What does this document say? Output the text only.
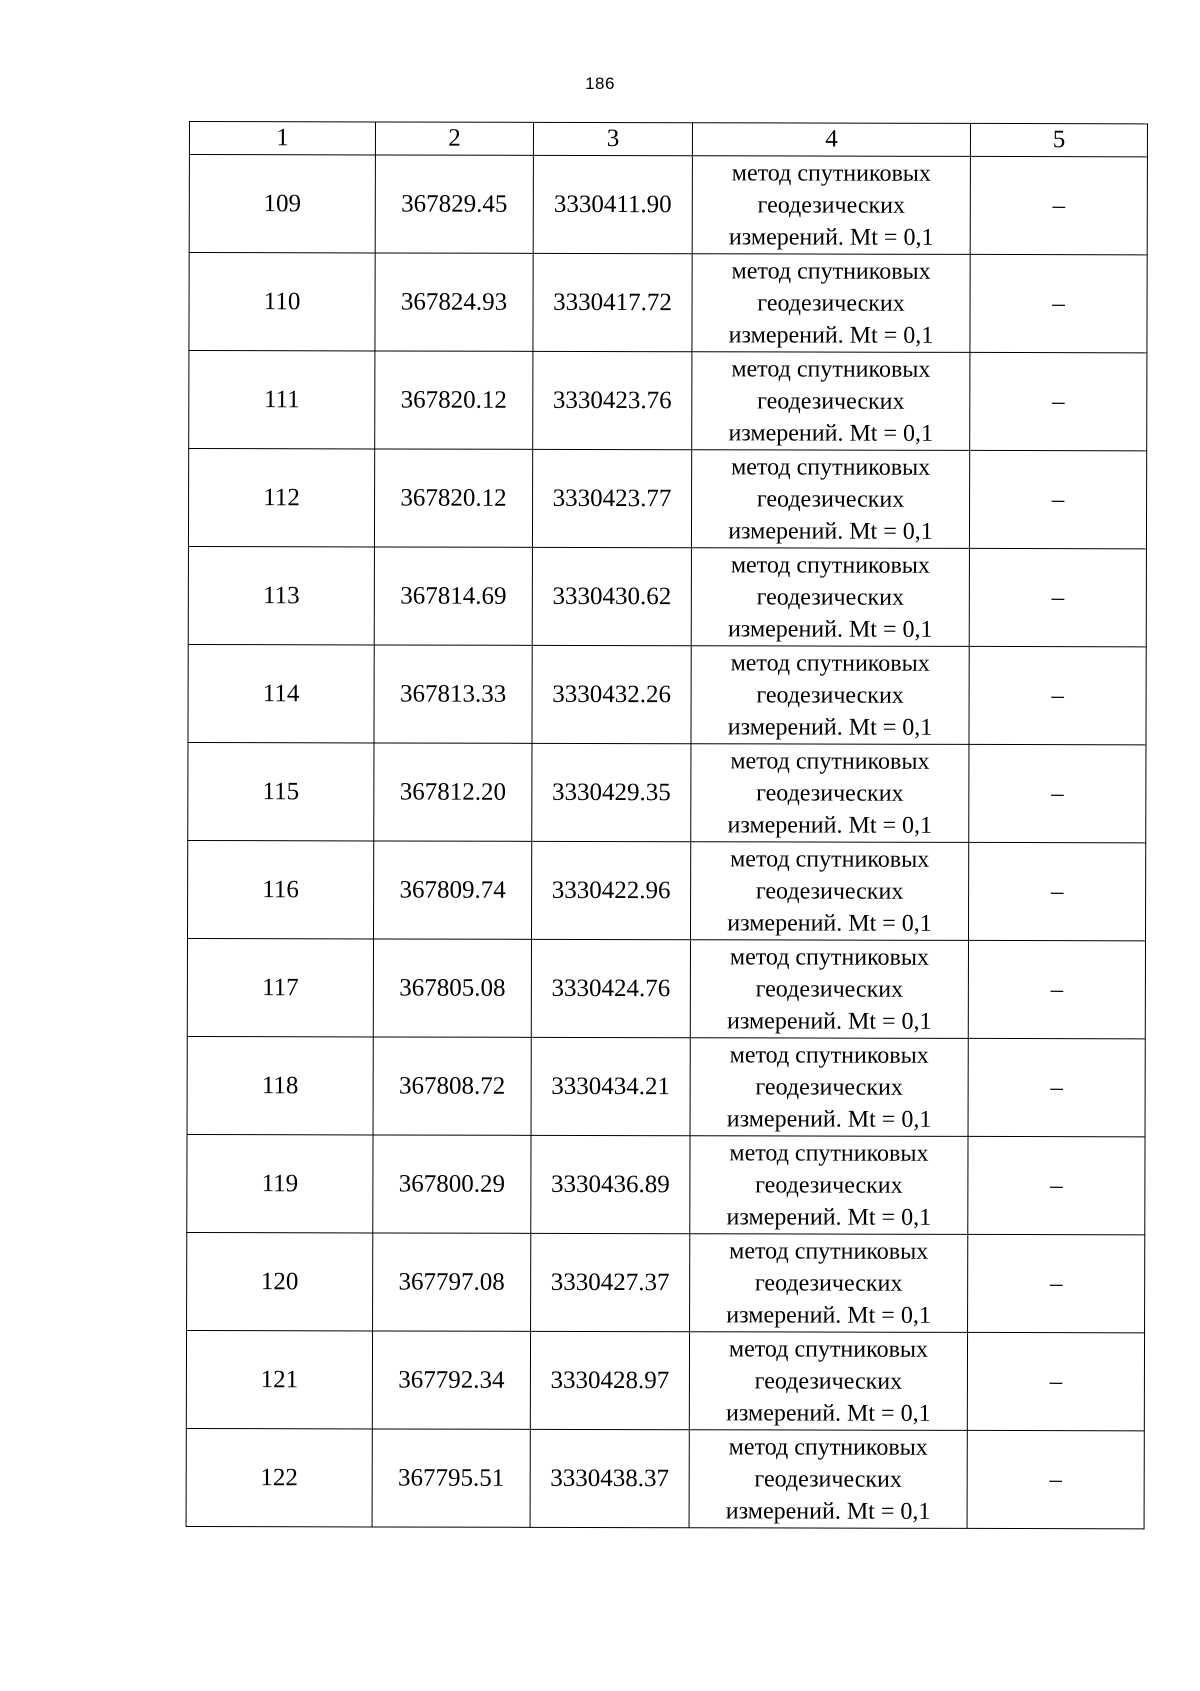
186
1	2	3	4	5
109	367829.45	3330411.90	метод спутниковых
геодезических
измерений. Mt = 0,1	–
110	367824.93	3330417.72	метод спутниковых
геодезических
измерений. Mt = 0,1	–
111	367820.12	3330423.76	метод спутниковых
геодезических
измерений. Mt = 0,1	–
112	367820.12	3330423.77	метод спутниковых
геодезических
измерений. Mt = 0,1	–
113	367814.69	3330430.62	метод спутниковых
геодезических
измерений. Mt = 0,1	–
114	367813.33	3330432.26	метод спутниковых
геодезических
измерений. Mt = 0,1	–
115	367812.20	3330429.35	метод спутниковых
геодезических
измерений. Mt = 0,1	–
116	367809.74	3330422.96	метод спутниковых
геодезических
измерений. Mt = 0,1	–
117	367805.08	3330424.76	метод спутниковых
геодезических
измерений. Mt = 0,1	–
118	367808.72	3330434.21	метод спутниковых
геодезических
измерений. Mt = 0,1	–
119	367800.29	3330436.89	метод спутниковых
геодезических
измерений. Mt = 0,1	–
120	367797.08	3330427.37	метод спутниковых
геодезических
измерений. Mt = 0,1	–
121	367792.34	3330428.97	метод спутниковых
геодезических
измерений. Mt = 0,1	–
122	367795.51	3330438.37	метод спутниковых
геодезических
измерений. Mt = 0,1	–
